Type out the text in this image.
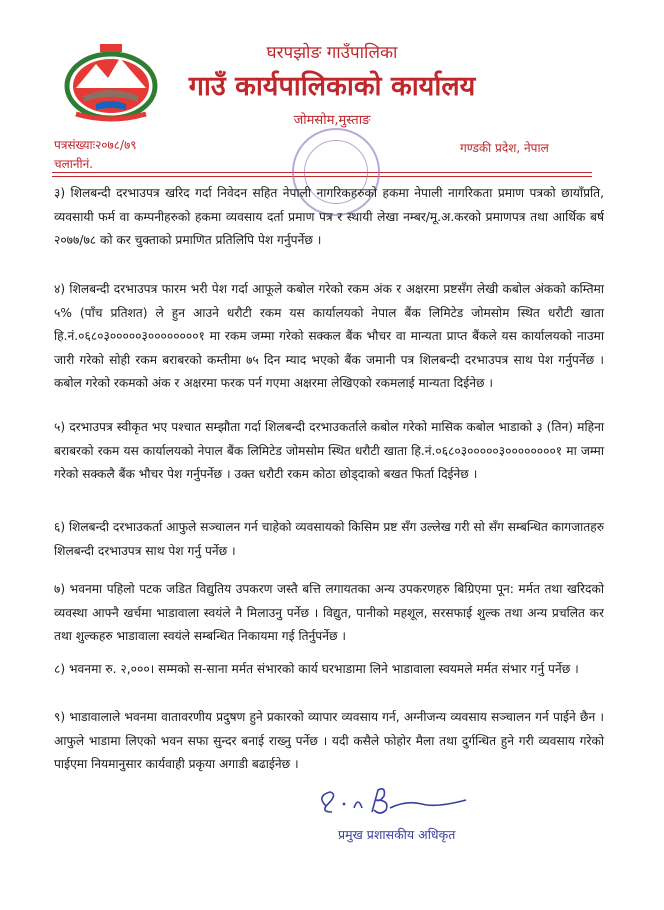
घरपझोङ गाउँपालिका
गाउँ कार्यपालिकाको कार्यालय
जोमसोम,मुस्ताङ
पत्रसंख्याः२०७८/७९
चलानीनं.
गण्डकी प्रदेश, नेपाल
३) शिलबन्दी दरभाउपत्र खरिद गर्दा निवेदन सहित नेपाली नागरिकहरुको हकमा नेपाली नागरिकता प्रमाण पत्रको छायाँप्रति, व्यवसायी फर्म वा कम्पनीहरुको हकमा व्यवसाय दर्ता प्रमाण पत्र र स्थायी लेखा नम्बर/मू.अ.करको प्रमाणपत्र तथा आर्थिक बर्ष २०७७/७८ को कर चुक्ताको प्रमाणित प्रतिलिपि पेश गर्नुपर्नेछ ।
४) शिलबन्दी दरभाउपत्र फारम भरी पेश गर्दा आफूले कबोल गरेको रकम अंक र अक्षरमा प्रष्टसँग लेखी कबोल अंकको कम्तिमा ५% (पाँच प्रतिशत) ले हुन आउने धरौटी रकम यस कार्यालयको नेपाल बैंक लिमिटेड जोमसोम स्थित धरौटी खाता हि.नं.०६८०३०००००३००००००००१ मा रकम जम्मा गरेको सक्कल बैंक भौचर वा मान्यता प्राप्त बैंकले यस कार्यालयको नाउमा जारी गरेको सोही रकम बराबरको कम्तीमा ७५ दिन म्याद भएको बैंक जमानी पत्र शिलबन्दी दरभाउपत्र साथ पेश गर्नुपर्नेछ । कबोल गरेको रकमको अंक र अक्षरमा फरक पर्न गएमा अक्षरमा लेखिएको रकमलाई मान्यता दिईनेछ ।
५) दरभाउपत्र स्वीकृत भए पश्चात सम्झौता गर्दा शिलबन्दी दरभाउकर्ताले कबोल गरेको मासिक कबोल भाडाको ३ (तिन) महिना बराबरको रकम यस कार्यालयको नेपाल बैंक लिमिटेड जोमसोम स्थित धरौटी खाता हि.नं.०६८०३०००००३००००००००१ मा जम्मा गरेको सक्कलै बैंक भौचर पेश गर्नुपर्नेछ । उक्त धरौटी रकम कोठा छोड्दाको बखत फिर्ता दिईनेछ ।
६) शिलबन्दी दरभाउकर्ता आफुले सञ्चालन गर्न चाहेको व्यवसायको किसिम प्रष्ट सँग उल्लेख गरी सो सँग सम्बन्धित कागजातहरु शिलबन्दी दरभाउपत्र साथ पेश गर्नु पर्नेछ ।
७) भवनमा पहिलो पटक जडित विद्युतिय उपकरण जस्तै बत्ति लगायतका अन्य उपकरणहरु बिग्रिएमा पून: मर्मत तथा खरिदको व्यवस्था आफ्नै खर्चमा भाडावाला स्वयंले नै मिलाउनु पर्नेछ । विद्युत, पानीको महशूल, सरसफाई शुल्क तथा अन्य प्रचलित कर तथा शुल्कहरु भाडावाला स्वयंले सम्बन्धित निकायमा गई तिर्नुपर्नेछ ।
८) भवनमा रु. २,०००। सम्मको स-साना मर्मत संभारको कार्य घरभाडामा लिने भाडावाला स्वयमले मर्मत संभार गर्नु पर्नेछ ।
९) भाडावालाले भवनमा वातावरणीय प्रदुषण हुने प्रकारको व्यापार व्यवसाय गर्न, अग्नीजन्य व्यवसाय सञ्चालन गर्न पाईने छैन । आफुले भाडामा लिएको भवन सफा सुन्दर बनाई राख्नु पर्नेछ । यदी कसैले फोहोर मैला तथा दुर्गन्धित हुने गरी व्यवसाय गरेको पाईएमा नियमानुसार कार्यवाही प्रकृया अगाडी बढाईनेछ ।
प्रमुख प्रशासकीय अधिकृत
